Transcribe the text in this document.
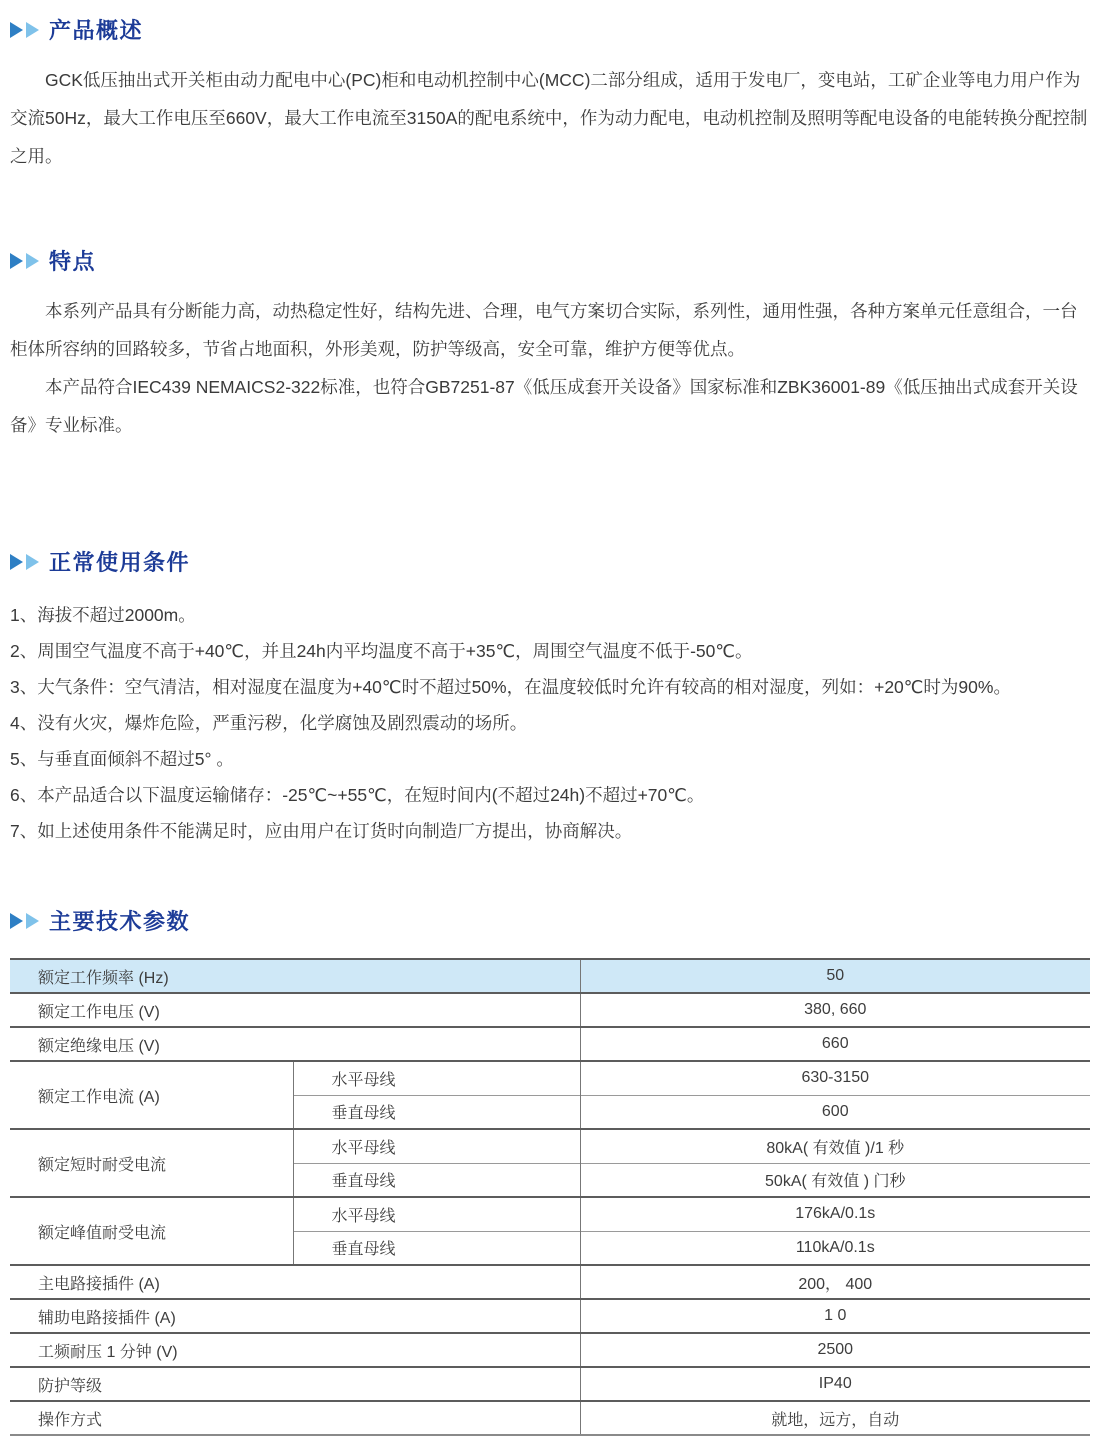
产品概述

GCK低压抽出式开关柜由动力配电中心(PC)柜和电动机控制中心(MCC)二部分组成，适用于发电厂，变电站，工矿企业等电力用户作为交流50Hz，最大工作电压至660V，最大工作电流至3150A的配电系统中，作为动力配电，电动机控制及照明等配电设备的电能转换分配控制之用。

特点

本系列产品具有分断能力高，动热稳定性好，结构先进、合理，电气方案切合实际，系列性，通用性强，各种方案单元任意组合，一台柜体所容纳的回路较多，节省占地面积，外形美观，防护等级高，安全可靠，维护方便等优点。

本产品符合IEC439 NEMAICS2-322标准，也符合GB7251-87《低压成套开关设备》国家标准和ZBK36001-89《低压抽出式成套开关设备》专业标准。

正常使用条件
1、海拔不超过2000m。
2、周围空气温度不高于+40℃，并且24h内平均温度不高于+35℃，周围空气温度不低于-50℃。
3、大气条件：空气清洁，相对湿度在温度为+40℃时不超过50%，在温度较低时允许有较高的相对湿度，列如：+20℃时为90%。
4、没有火灾，爆炸危险，严重污秽，化学腐蚀及剧烈震动的场所。
5、与垂直面倾斜不超过5° 。
6、本产品适合以下温度运输储存：-25℃~+55℃，在短时间内(不超过24h)不超过+70℃。
7、如上述使用条件不能满足时，应由用户在订货时向制造厂方提出，协商解决。
主要技术参数
额定工作频率 (Hz)		50
额定工作电压 (V)		380, 660
额定绝缘电压 (V)		660
额定工作电流 (A)	水平母线	630-3150
	垂直母线	600
额定短时耐受电流	水平母线	80kA( 有效值 )/1 秒
	垂直母线	50kA( 有效值 ) 门秒
额定峰值耐受电流	水平母线	176kA/0.1s
	垂直母线	110kA/0.1s
主电路接插件 (A)		200， 400
辅助电路接插件 (A)		1 0
工频耐压 1 分钟 (V)		2500
防护等级		IP40
操作方式		就地，远方，自动
